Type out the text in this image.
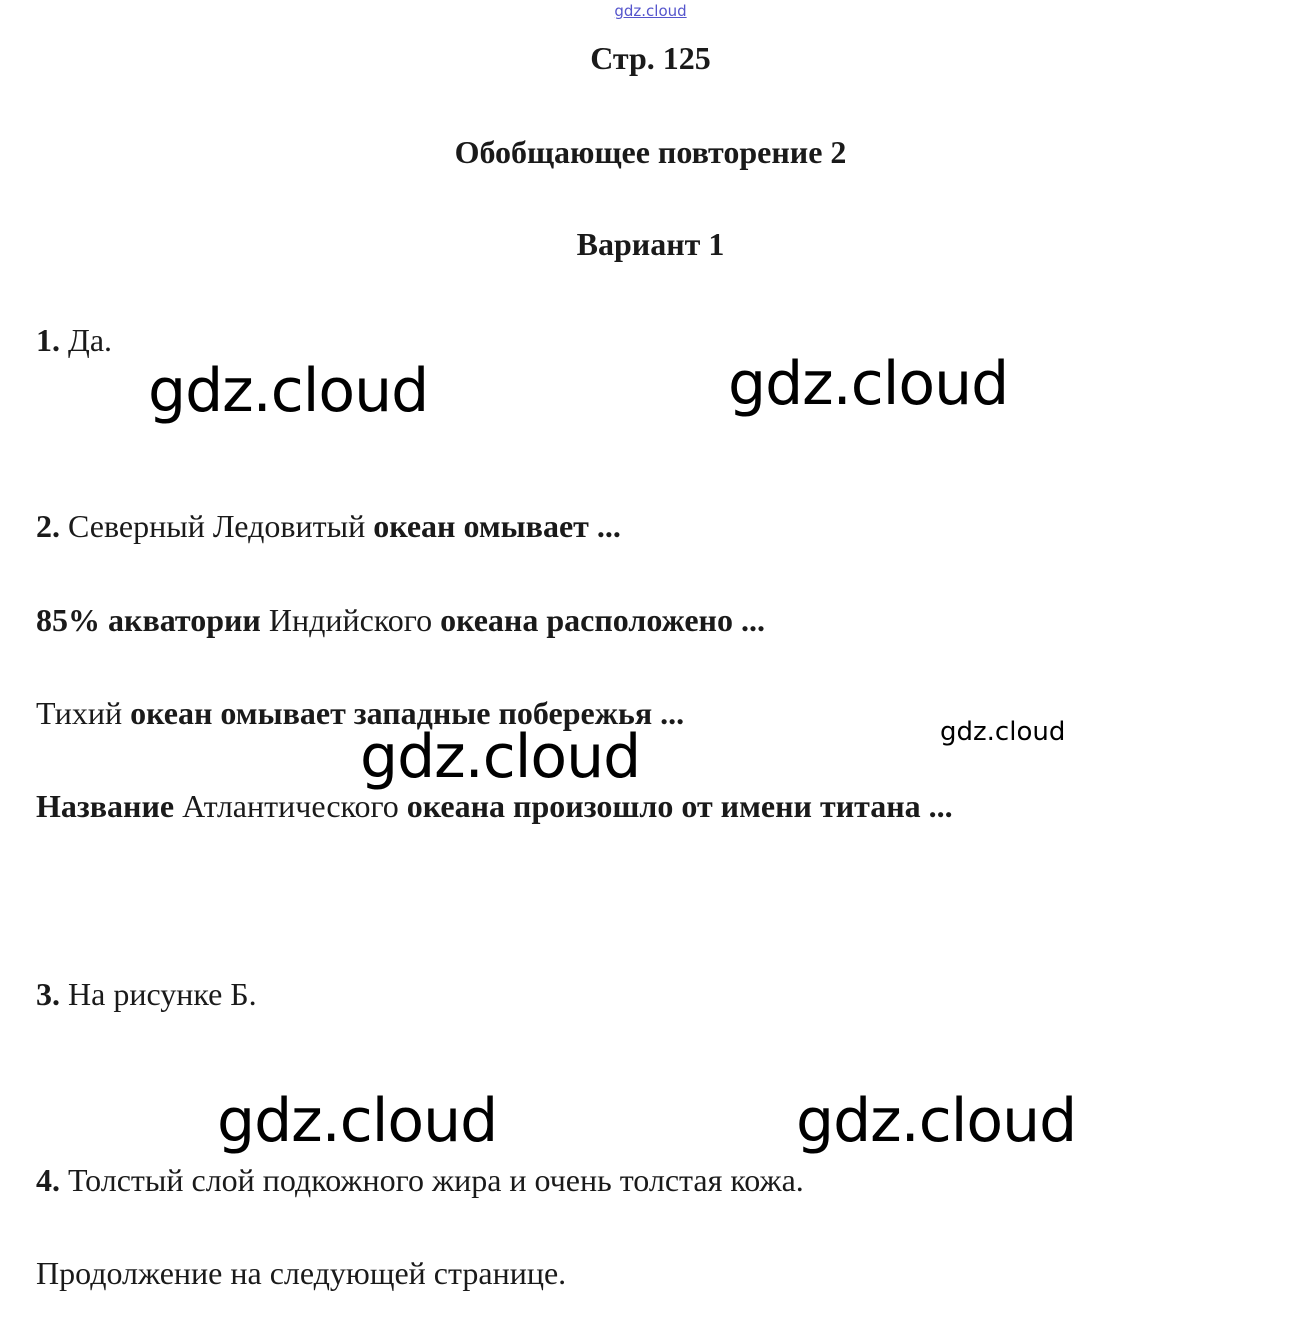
gdz.cloud
Стр. 125
Обобщающее повторение 2
Вариант 1
1. Да.
2. Северный Ледовитый океан омывает ...
85% акватории Индийского океана расположено ...
Тихий океан омывает западные побережья ...
Название Атлантического океана произошло от имени титана ...
3. На рисунке Б.
4. Толстый слой подкожного жира и очень толстая кожа.
Продолжение на следующей странице.
gdz.cloud	gdz.cloud
gdz.cloud	gdz.cloud
gdz.cloud	gdz.cloud
